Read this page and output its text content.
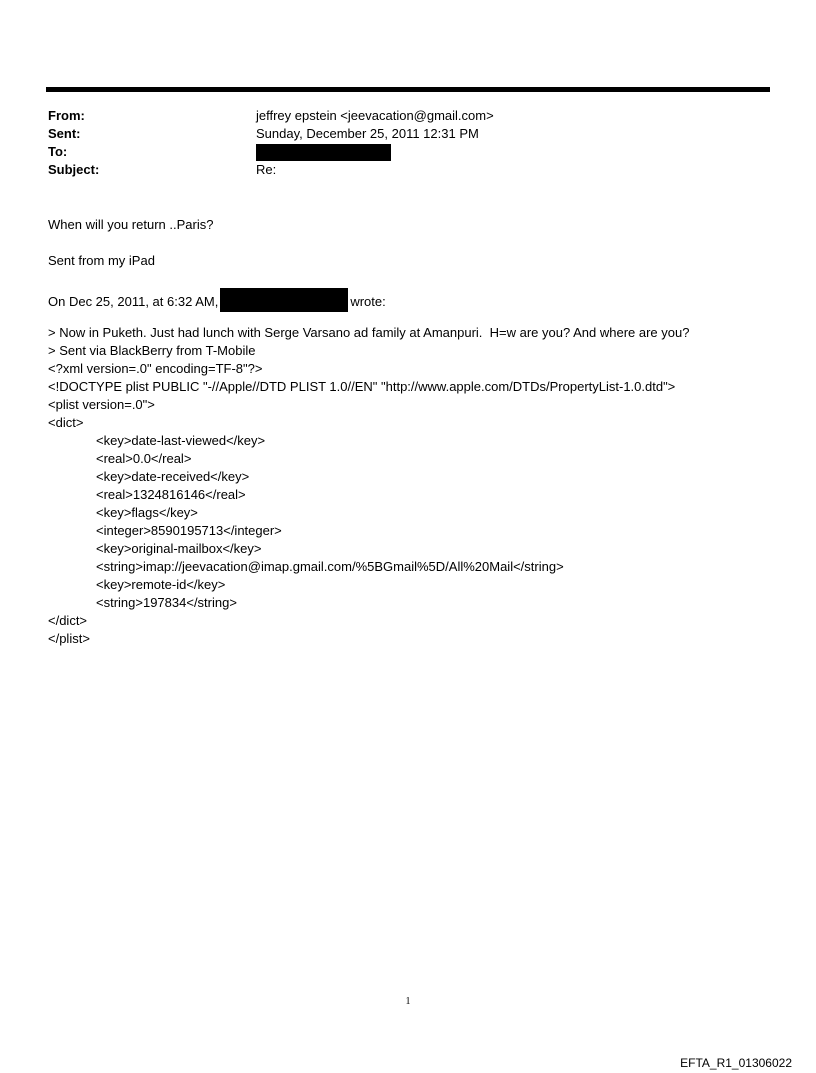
From:	jeffrey epstein <jeevacation@gmail.com>
Sent:	Sunday, December 25, 2011 12:31 PM
To:
Subject:	Re:
When will you return ..Paris?
Sent from my iPad
On Dec 25, 2011, at 6:32 AM,	wrote:
> Now in Puketh. Just had lunch with Serge Varsano ad family at Amanpuri.  H=w are you? And where are you?
> Sent via BlackBerry from T-Mobile
<?xml version=.0" encoding=TF-8"?>
<!DOCTYPE plist PUBLIC "-//Apple//DTD PLIST 1.0//EN" "http://www.apple.com/DTDs/PropertyList-1.0.dtd">
<plist version=.0">
<dict>
<key>date-last-viewed</key>
<real>0.0</real>
<key>date-received</key>
<real>1324816146</real>
<key>flags</key>
<integer>8590195713</integer>
<key>original-mailbox</key>
<string>imap://jeevacation@imap.gmail.com/%5BGmail%5D/All%20Mail</string>
<key>remote-id</key>
<string>197834</string>
</dict>
</plist>
1
EFTA_R1_01306022
